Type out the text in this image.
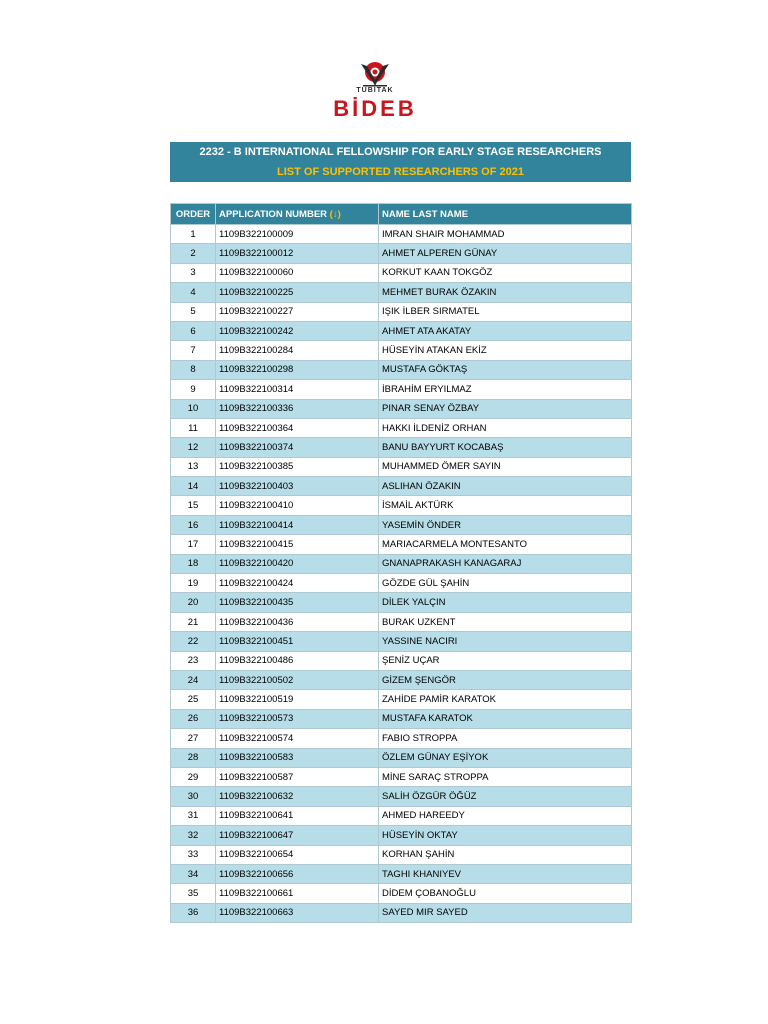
TÜBİTAK
BİDEB
2232 - B INTERNATIONAL FELLOWSHIP FOR EARLY STAGE RESEARCHERS
LIST OF SUPPORTED RESEARCHERS OF 2021
ORDER	APPLICATION NUMBER (↓)	NAME LAST NAME
1	1109B322100009	IMRAN SHAIR MOHAMMAD
2	1109B322100012	AHMET ALPEREN GÜNAY
3	1109B322100060	KORKUT KAAN TOKGÖZ
4	1109B322100225	MEHMET BURAK ÖZAKIN
5	1109B322100227	IŞIK İLBER SIRMATEL
6	1109B322100242	AHMET ATA AKATAY
7	1109B322100284	HÜSEYİN ATAKAN EKİZ
8	1109B322100298	MUSTAFA GÖKTAŞ
9	1109B322100314	İBRAHİM ERYILMAZ
10	1109B322100336	PINAR SENAY ÖZBAY
11	1109B322100364	HAKKI İLDENİZ ORHAN
12	1109B322100374	BANU BAYYURT KOCABAŞ
13	1109B322100385	MUHAMMED ÖMER SAYIN
14	1109B322100403	ASLIHAN ÖZAKIN
15	1109B322100410	İSMAİL AKTÜRK
16	1109B322100414	YASEMİN ÖNDER
17	1109B322100415	MARIACARMELA MONTESANTO
18	1109B322100420	GNANAPRAKASH KANAGARAJ
19	1109B322100424	GÖZDE GÜL ŞAHİN
20	1109B322100435	DİLEK YALÇIN
21	1109B322100436	BURAK UZKENT
22	1109B322100451	YASSINE NACIRI
23	1109B322100486	ŞENİZ UÇAR
24	1109B322100502	GİZEM ŞENGÖR
25	1109B322100519	ZAHİDE PAMİR KARATOK
26	1109B322100573	MUSTAFA KARATOK
27	1109B322100574	FABIO STROPPA
28	1109B322100583	ÖZLEM GÜNAY EŞİYOK
29	1109B322100587	MİNE SARAÇ STROPPA
30	1109B322100632	SALİH ÖZGÜR ÖĞÜZ
31	1109B322100641	AHMED HAREEDY
32	1109B322100647	HÜSEYİN OKTAY
33	1109B322100654	KORHAN ŞAHİN
34	1109B322100656	TAGHI KHANIYEV
35	1109B322100661	DİDEM ÇOBANOĞLU
36	1109B322100663	SAYED MIR SAYED
